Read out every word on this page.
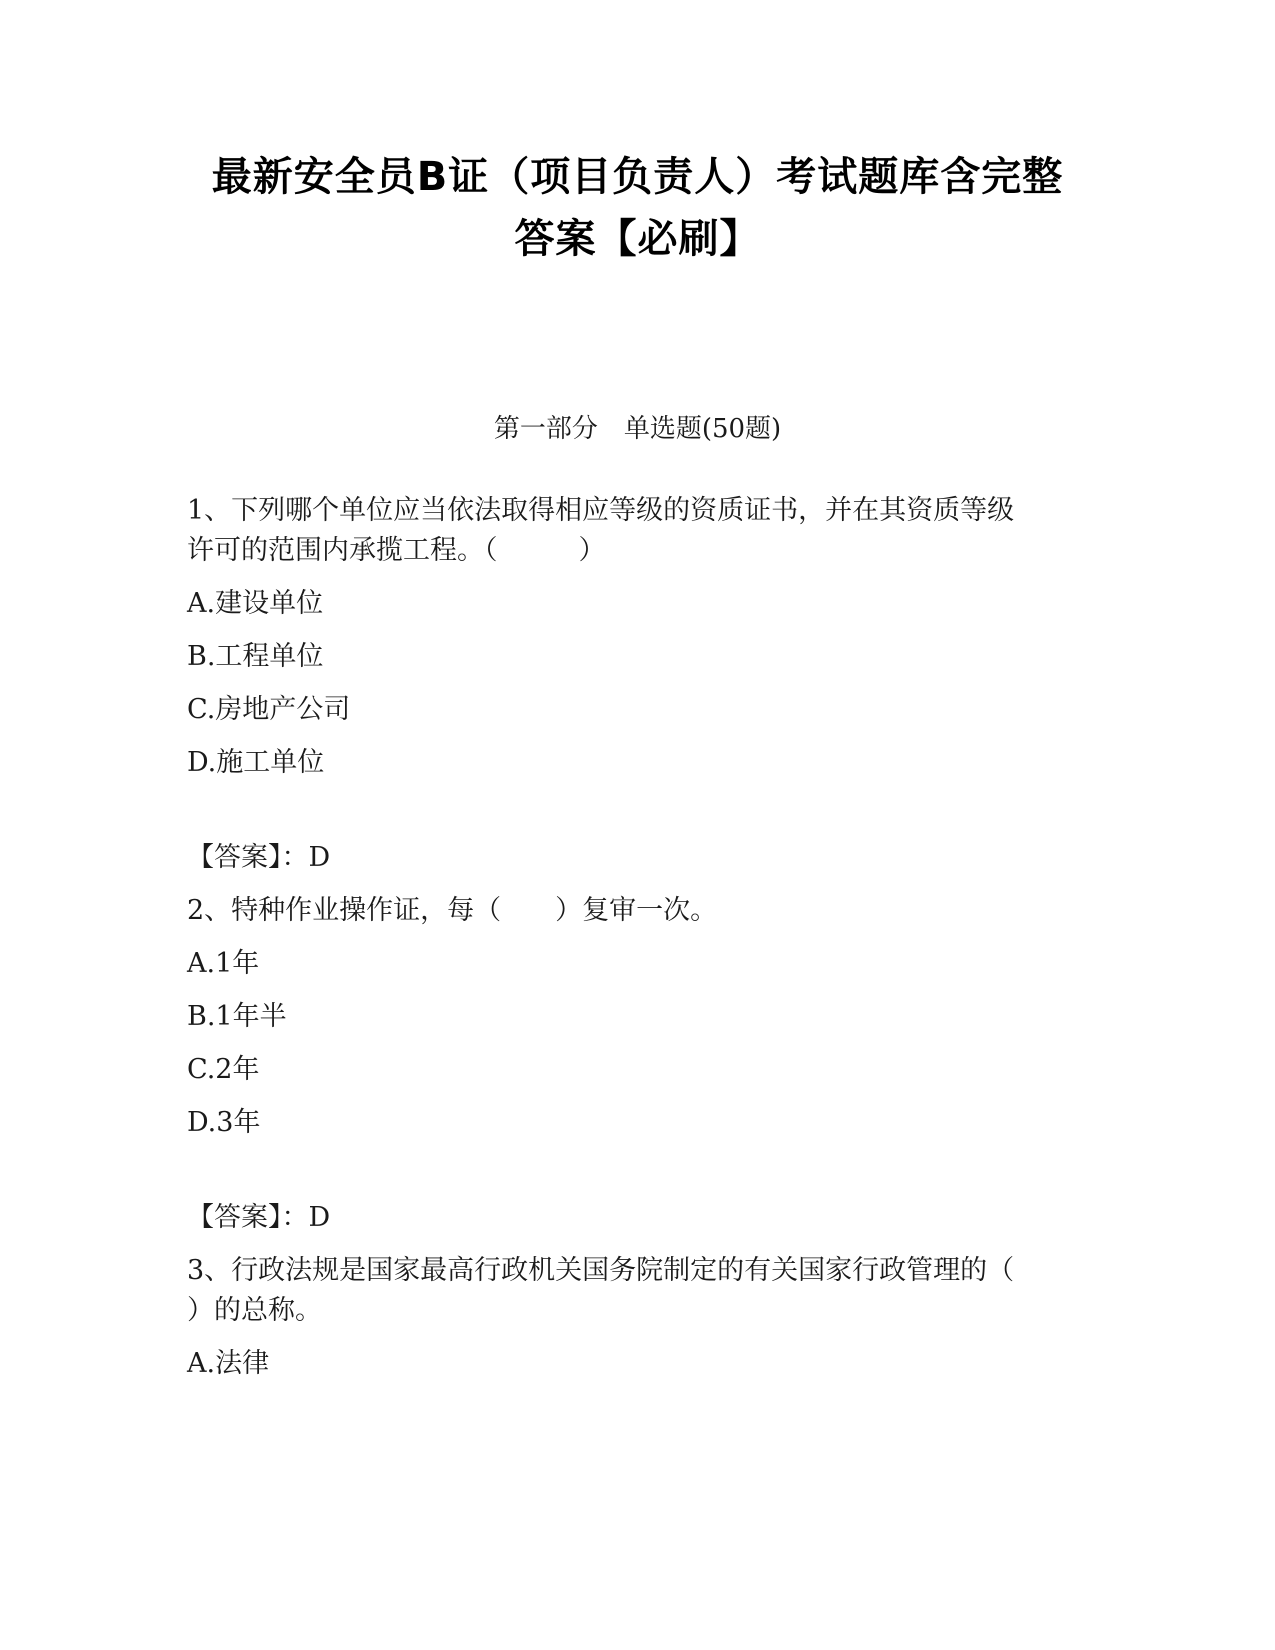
最新安全员B证（项目负责人）考试题库含完整
答案【必刷】
第一部分　单选题(50题)
1、下列哪个单位应当依法取得相应等级的资质证书，并在其资质等级
许可的范围内承揽工程。（　　　）
A.建设单位
B.工程单位
C.房地产公司
D.施工单位
【答案】：D
2、特种作业操作证，每（　　）复审一次。
A.1年
B.1年半
C.2年
D.3年
【答案】：D
3、行政法规是国家最高行政机关国务院制定的有关国家行政管理的（
）的总称。
A.法律
